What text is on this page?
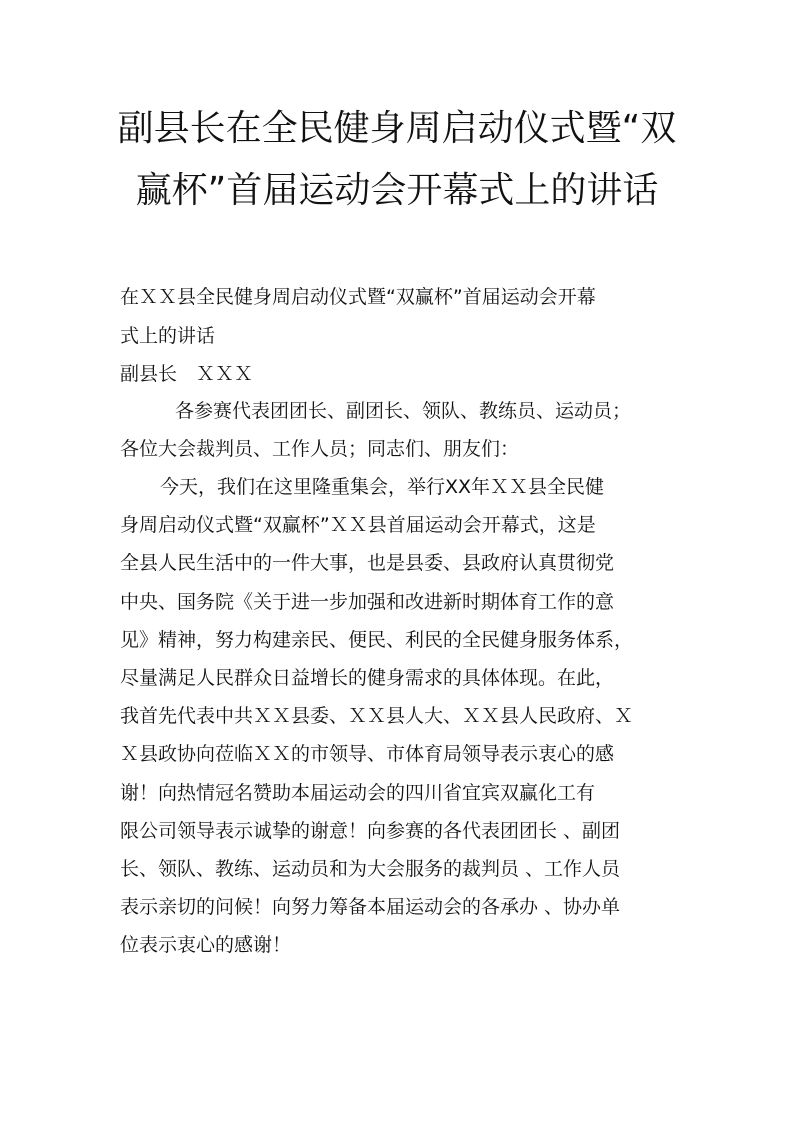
副县长在全民健身周启动仪式暨“双
赢杯”首届运动会开幕式上的讲话
在ＸＸ县全民健身周启动仪式暨“双赢杯”首届运动会开幕
式上的讲话
副县长　ＸＸＸ
各参赛代表团团长、副团长、领队、教练员、运动员；
各位大会裁判员、工作人员；同志们、朋友们：
今天，我们在这里隆重集会，举行XX年ＸＸ县全民健
身周启动仪式暨“双赢杯”ＸＸ县首届运动会开幕式，这是
全县人民生活中的一件大事，也是县委、县政府认真贯彻党
中央、国务院《关于进一步加强和改进新时期体育工作的意
见》精神，努力构建亲民、便民、利民的全民健身服务体系，
尽量满足人民群众日益增长的健身需求的具体体现。在此，
我首先代表中共ＸＸ县委、ＸＸ县人大、ＸＸ县人民政府、Ｘ
Ｘ县政协向莅临ＸＸ的市领导、市体育局领导表示衷心的感
谢！向热情冠名赞助本届运动会的四川省宜宾双赢化工有
限公司领导表示诚挚的谢意！向参赛的各代表团团长 、副团
长、领队、教练、运动员和为大会服务的裁判员 、工作人员
表示亲切的问候！向努力筹备本届运动会的各承办 、协办单
位表示衷心的感谢！
